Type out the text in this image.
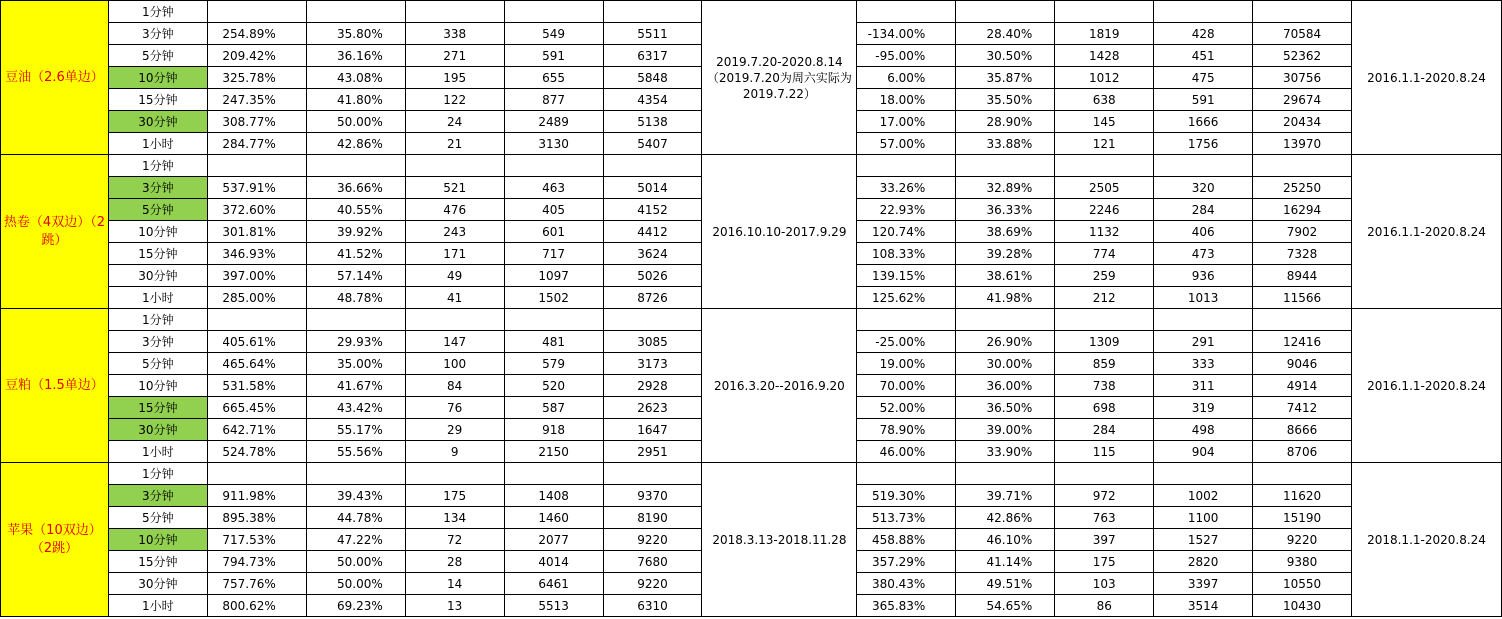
豆油（2.6单边）	1分钟						2019.7.20-2020.8.14（2019.7.20为周六实际为2019.7.22）						2016.1.1-2020.8.24
	3分钟	254.89%	35.80%	338	549	5511		-134.00%	28.40%	1819	428	70584	
	5分钟	209.42%	36.16%	271	591	6317		-95.00%	30.50%	1428	451	52362	
	10分钟	325.78%	43.08%	195	655	5848		6.00%	35.87%	1012	475	30756	
	15分钟	247.35%	41.80%	122	877	4354		18.00%	35.50%	638	591	29674	
	30分钟	308.77%	50.00%	24	2489	5138		17.00%	28.90%	145	1666	20434	
	1小时	284.77%	42.86%	21	3130	5407		57.00%	33.88%	121	1756	13970	
热卷（4双边）（2跳）	1分钟						2016.10.10-2017.9.29						2016.1.1-2020.8.24
	3分钟	537.91%	36.66%	521	463	5014		33.26%	32.89%	2505	320	25250	
	5分钟	372.60%	40.55%	476	405	4152		22.93%	36.33%	2246	284	16294	
	10分钟	301.81%	39.92%	243	601	4412		120.74%	38.69%	1132	406	7902	
	15分钟	346.93%	41.52%	171	717	3624		108.33%	39.28%	774	473	7328	
	30分钟	397.00%	57.14%	49	1097	5026		139.15%	38.61%	259	936	8944	
	1小时	285.00%	48.78%	41	1502	8726		125.62%	41.98%	212	1013	11566	
豆粕（1.5单边）	1分钟						2016.3.20--2016.9.20						2016.1.1-2020.8.24
	3分钟	405.61%	29.93%	147	481	3085		-25.00%	26.90%	1309	291	12416	
	5分钟	465.64%	35.00%	100	579	3173		19.00%	30.00%	859	333	9046	
	10分钟	531.58%	41.67%	84	520	2928		70.00%	36.00%	738	311	4914	
	15分钟	665.45%	43.42%	76	587	2623		52.00%	36.50%	698	319	7412	
	30分钟	642.71%	55.17%	29	918	1647		78.90%	39.00%	284	498	8666	
	1小时	524.78%	55.56%	9	2150	2951		46.00%	33.90%	115	904	8706	
苹果（10双边）（2跳）	1分钟						2018.3.13-2018.11.28						2018.1.1-2020.8.24
	3分钟	911.98%	39.43%	175	1408	9370		519.30%	39.71%	972	1002	11620	
	5分钟	895.38%	44.78%	134	1460	8190		513.73%	42.86%	763	1100	15190	
	10分钟	717.53%	47.22%	72	2077	9220		458.88%	46.10%	397	1527	9220	
	15分钟	794.73%	50.00%	28	4014	7680		357.29%	41.14%	175	2820	9380	
	30分钟	757.76%	50.00%	14	6461	9220		380.43%	49.51%	103	3397	10550	
	1小时	800.62%	69.23%	13	5513	6310		365.83%	54.65%	86	3514	10430	
